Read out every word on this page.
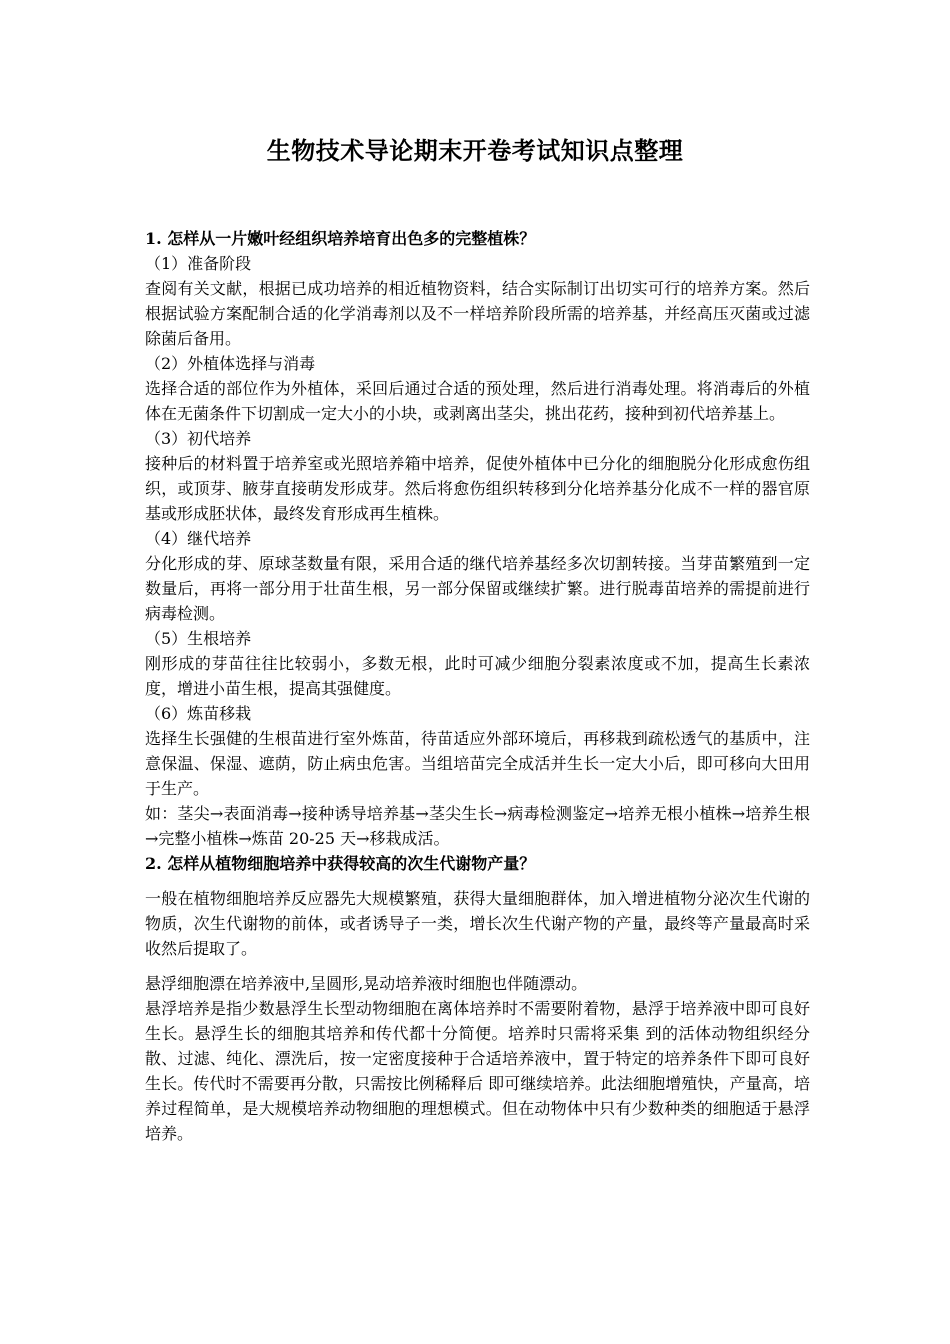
生物技术导论期末开卷考试知识点整理

1. 怎样从一片嫩叶经组织培养培育出色多的完整植株？

（1）准备阶段

查阅有关文献，根据已成功培养的相近植物资料，结合实际制订出切实可行的培养方案。然后根据试验方案配制合适的化学消毒剂以及不一样培养阶段所需的培养基，并经高压灭菌或过滤除菌后备用。

（2）外植体选择与消毒

选择合适的部位作为外植体，采回后通过合适的预处理，然后进行消毒处理。将消毒后的外植体在无菌条件下切割成一定大小的小块，或剥离出茎尖，挑出花药，接种到初代培养基上。

（3）初代培养

接种后的材料置于培养室或光照培养箱中培养，促使外植体中已分化的细胞脱分化形成愈伤组织，或顶芽、腋芽直接萌发形成芽。然后将愈伤组织转移到分化培养基分化成不一样的器官原基或形成胚状体，最终发育形成再生植株。

（4）继代培养

分化形成的芽、原球茎数量有限，采用合适的继代培养基经多次切割转接。当芽苗繁殖到一定数量后，再将一部分用于壮苗生根，另一部分保留或继续扩繁。进行脱毒苗培养的需提前进行病毒检测。

（5）生根培养

刚形成的芽苗往往比较弱小，多数无根，此时可减少细胞分裂素浓度或不加，提高生长素浓度，增进小苗生根，提高其强健度。

（6）炼苗移栽

选择生长强健的生根苗进行室外炼苗，待苗适应外部环境后，再移栽到疏松透气的基质中，注意保温、保湿、遮荫，防止病虫危害。当组培苗完全成活并生长一定大小后，即可移向大田用于生产。

如：茎尖→表面消毒→接种诱导培养基→茎尖生长→病毒检测鉴定→培养无根小植株→培养生根→完整小植株→炼苗 20-25 天→移栽成活。

2. 怎样从植物细胞培养中获得较高的次生代谢物产量？

一般在植物细胞培养反应器先大规模繁殖，获得大量细胞群体，加入增进植物分泌次生代谢的物质，次生代谢物的前体，或者诱导子一类，增长次生代谢产物的产量，最终等产量最高时采收然后提取了。

悬浮细胞漂在培养液中,呈圆形,晃动培养液时细胞也伴随漂动。

悬浮培养是指少数悬浮生长型动物细胞在离体培养时不需要附着物，悬浮于培养液中即可良好生长。悬浮生长的细胞其培养和传代都十分简便。培养时只需将采集 到的活体动物组织经分散、过滤、纯化、漂洗后，按一定密度接种于合适培养液中，置于特定的培养条件下即可良好生长。传代时不需要再分散，只需按比例稀释后 即可继续培养。此法细胞增殖快，产量高，培养过程简单，是大规模培养动物细胞的理想模式。但在动物体中只有少数种类的细胞适于悬浮培养。
